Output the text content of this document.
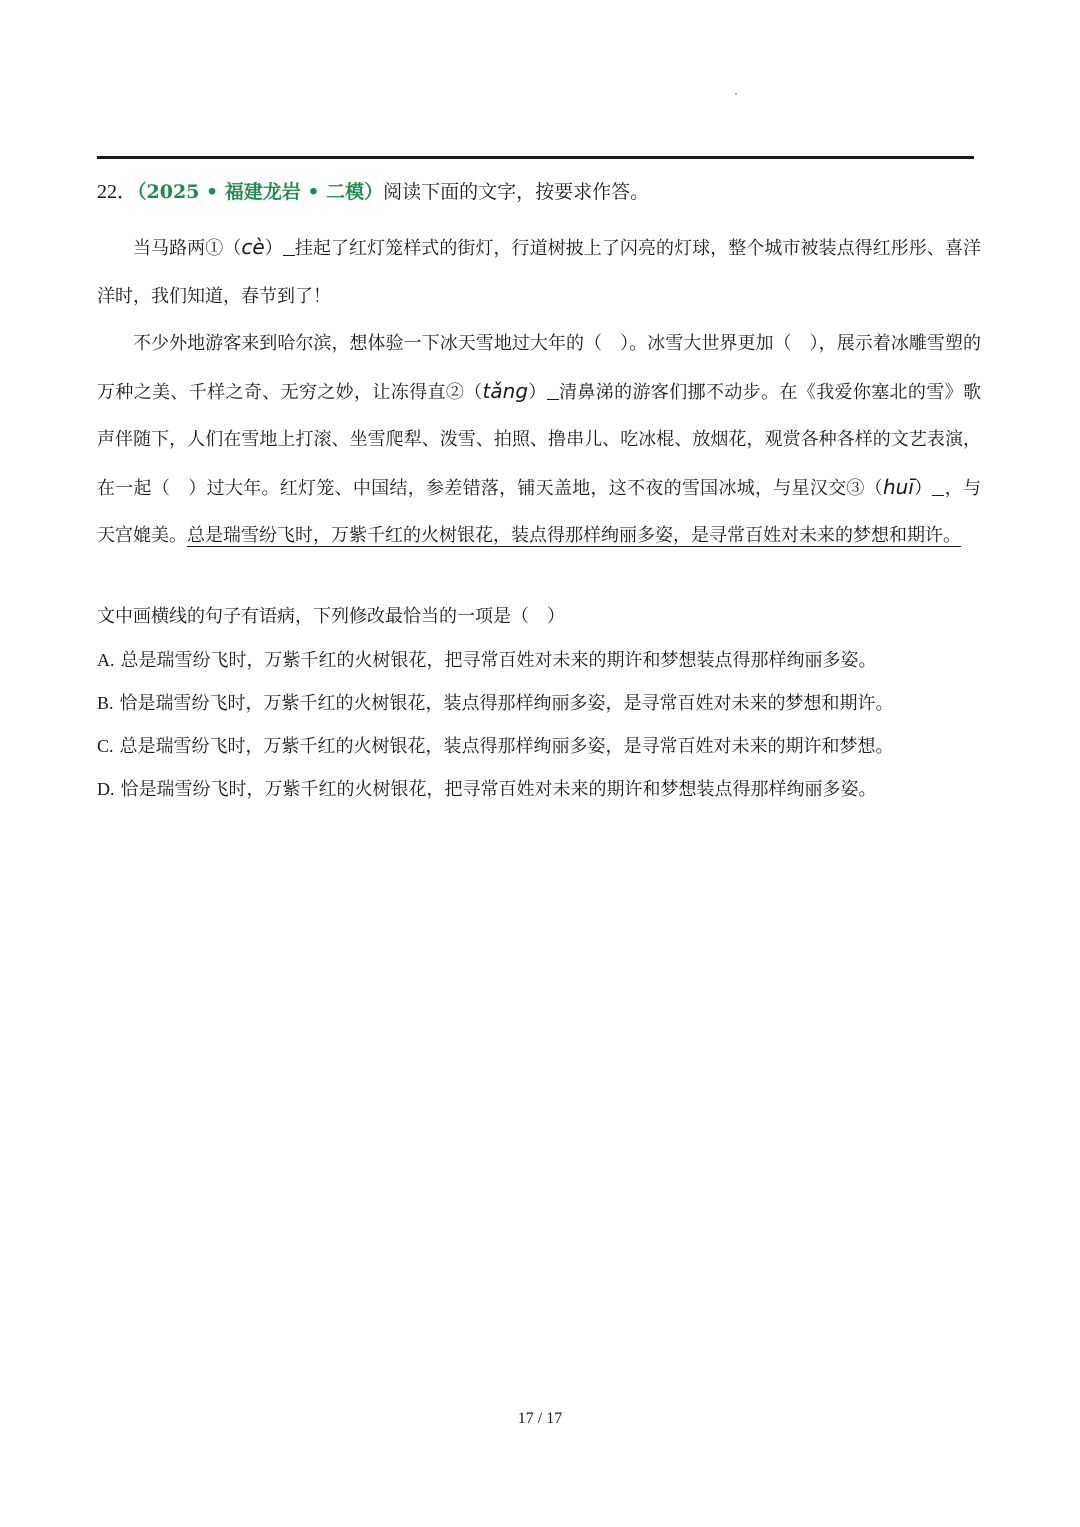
22．（2025 • 福建龙岩 • 二模）阅读下面的文字，按要求作答。

当马路两①（cè） 挂起了红灯笼样式的街灯，行道树披上了闪亮的灯球，整个城市被装点得红彤彤、喜洋洋时，我们知道，春节到了！

不少外地游客来到哈尔滨，想体验一下冰天雪地过大年的（　）。冰雪大世界更加（　），展示着冰雕雪塑的万种之美、千样之奇、无穷之妙，让冻得直②（tǎng） 清鼻涕的游客们挪不动步。在《我爱你塞北的雪》歌声伴随下，人们在雪地上打滚、坐雪爬犁、泼雪、拍照、撸串儿、吃冰棍、放烟花，观赏各种各样的文艺表演，在一起（　）过大年。红灯笼、中国结，参差错落，铺天盖地，这不夜的雪国冰城，与星汉交③（huī） ，与天宫媲美。总是瑞雪纷飞时，万紫千红的火树银花，装点得那样绚丽多姿，是寻常百姓对未来的梦想和期许。

文中画横线的句子有语病，下列修改最恰当的一项是（　）
A. 总是瑞雪纷飞时，万紫千红的火树银花，把寻常百姓对未来的期许和梦想装点得那样绚丽多姿。
B. 恰是瑞雪纷飞时，万紫千红的火树银花，装点得那样绚丽多姿，是寻常百姓对未来的梦想和期许。
C. 总是瑞雪纷飞时，万紫千红的火树银花，装点得那样绚丽多姿，是寻常百姓对未来的期许和梦想。
D. 恰是瑞雪纷飞时，万紫千红的火树银花，把寻常百姓对未来的期许和梦想装点得那样绚丽多姿。
17 / 17
